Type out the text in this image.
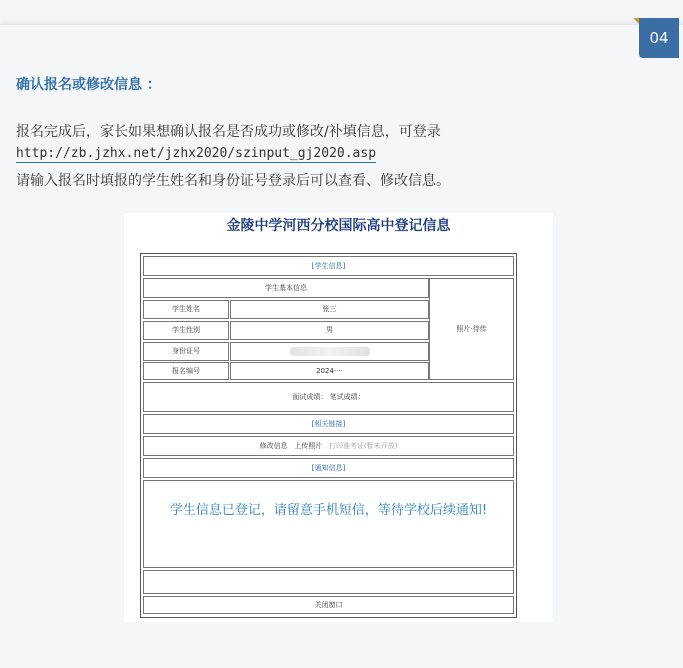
04
确认报名或修改信息 ：
报名完成后，家长如果想确认报名是否成功或修改/补填信息，可登录
http://zb.jzhx.net/jzhx2020/szinput_gj2020.asp
请输入报名时填报的学生姓名和身份证号登录后可以查看、修改信息。
金陵中学河西分校国际高中登记信息
[学生信息]
学生基本信息
照片·待传
学生姓名	张三
学生性别	男
身份证号
报名编号	2024····
面试成绩： 笔试成绩：
[相关链接]
修改信息 上传照片 打印准考证(暂未开放)
[通知信息]
学生信息已登记，请留意手机短信，等待学校后续通知!
关闭窗口
